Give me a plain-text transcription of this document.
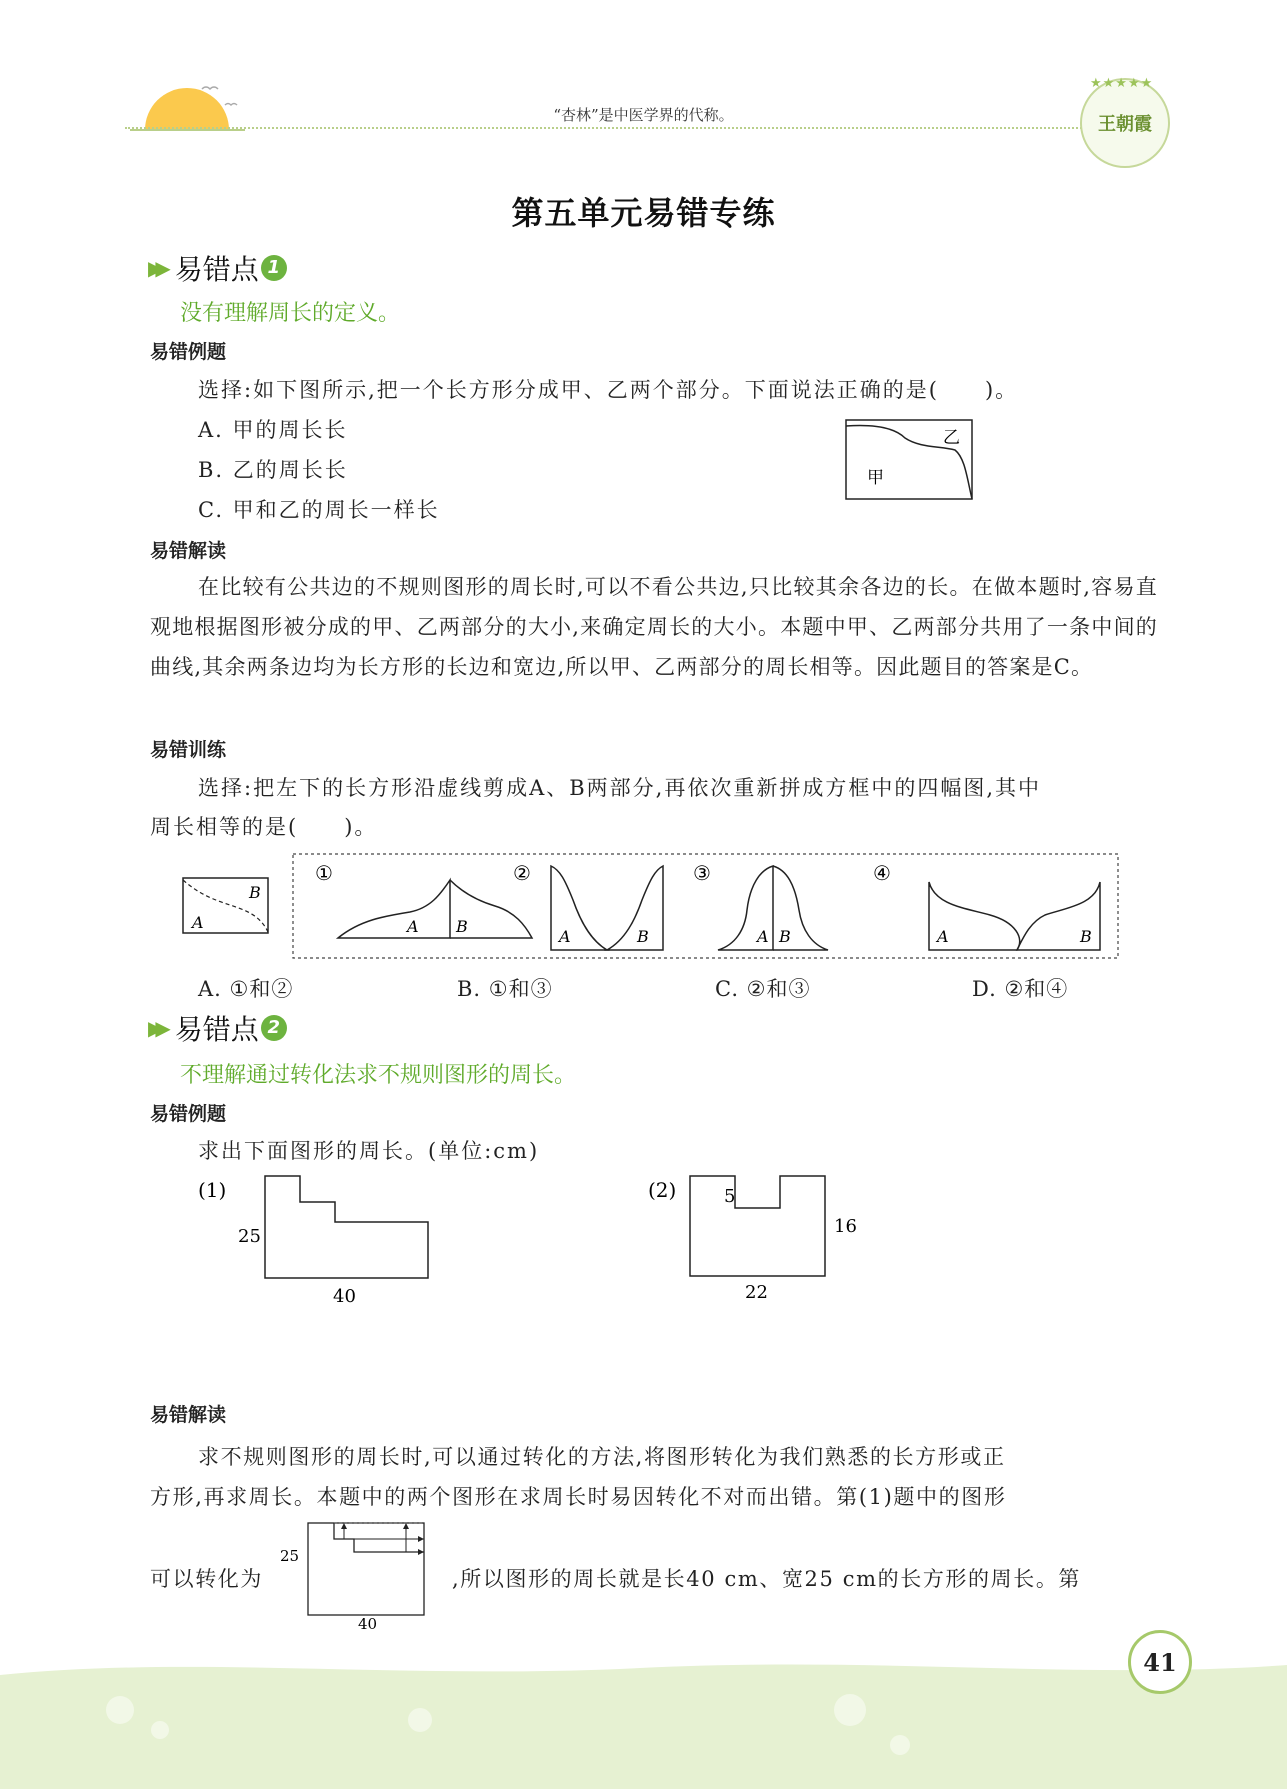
“杏林”是中医学界的代称。
★★★★★
王朝霞
第五单元易错专练
▶▶ 易错点 1
没有理解周长的定义。
易错例题
选择:如下图所示,把一个长方形分成甲、乙两个部分。下面说法正确的是(　　)。
A. 甲的周长长
B. 乙的周长长
C. 甲和乙的周长一样长
甲
乙
易错解读
在比较有公共边的不规则图形的周长时,可以不看公共边,只比较其余各边的长。在做本题时,容易直观地根据图形被分成的甲、乙两部分的大小,来确定周长的大小。本题中甲、乙两部分共用了一条中间的曲线,其余两条边均为长方形的长边和宽边,所以甲、乙两部分的周长相等。因此题目的答案是C。
易错训练
选择:把左下的长方形沿虚线剪成A、B两部分,再依次重新拼成方框中的四幅图,其中
周长相等的是(　　)。
A
B
①
A B
②
A	B
③
A B
④
A	B
A. ①和②	B. ①和③	C. ②和③	D. ②和④
▶▶ 易错点 2
不理解通过转化法求不规则图形的周长。
易错例题
求出下面图形的周长。(单位:cm)
(1)
25
40
(2)	5
16
22
易错解读
求不规则图形的周长时,可以通过转化的方法,将图形转化为我们熟悉的长方形或正
方形,再求周长。本题中的两个图形在求周长时易因转化不对而出错。第(1)题中的图形
可以转化为
25
40
,所以图形的周长就是长40 cm、宽25 cm的长方形的周长。第
41
